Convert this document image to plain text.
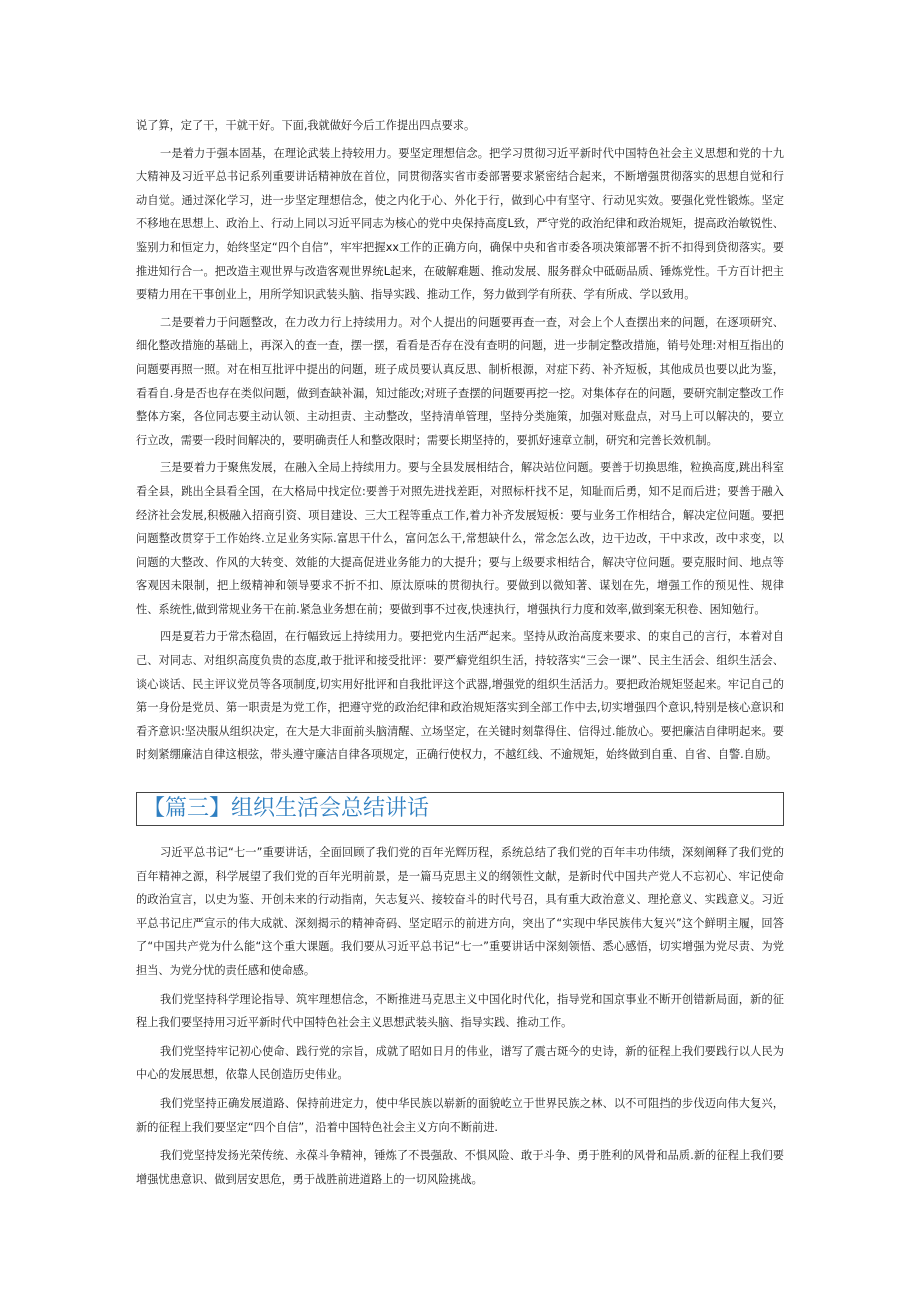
说了算，定了干，干就干好。下面,我就做好今后工作提出四点要求。

一是着力于强本固基，在理论武装上持较用力。要坚定理想信念。把学习贯彻习近平新时代中国特色社会主义思想和党的十九大精神及习近平总书记系列重要讲话精神放在首位，同贯彻落实省市委部署要求紧密结合起来，不断增强贯彻落实的思想自觉和行动自觉。通过深化学习，进一步坚定理想信念，使之内化于心、外化于行，做到心中有坚守、行动见实效。要强化党性锻炼。坚定不移地在思想上、政治上、行动上同以习近平同志为核心的党中央保持高度L致，严守党的政治纪律和政治规矩，提高政治敏锐性、鉴别力和恒定力，始终坚定“四个自信”，牢牢把握xx工作的正确方向，确保中央和省市委各项决策部署不折不扣得到贷彻落实。要推进知行合一。把改造主观世界与改造客观世界统L起来，在破解难题、推动发展、服务群众中砥砺品质、锤炼党性。千方百计把主要精力用在干事创业上，用所学知识武装头脑、指导实践、推动工作，努力做到学有所获、学有所成、学以致用。

二是要着力于问题整改，在力改力行上持续用力。对个人提出的问题要再查一查，对会上个人查摆出来的问题，在逐项研究、细化整改措施的基础上，再深入的查一查，摆一摆，看看是否存在没有查明的问题，进一步制定整改措施，销号处理:对相互指出的问题要再照一照。对在相互批评中提出的问题，班子成员要认真反思、制析根源，对症下药、补齐短板，其他成员也要以此为鉴，看看自.身是否也存在类似问题，做到查缺补漏，知过能改;对班子查摆的问题要再挖一挖。对集体存在的问题，要研究制定整改工作整体方案，各位同志要主动认领、主动担责、主动整改，坚持清单管理，坚持分类施策，加强对账盘点，对马上可以解决的，要立行立改，需要一段时间解决的，要明确责任人和整改限时；需要长期坚持的，要抓好速章立制，研究和完善长效机制。

三是要着力于聚焦发展，在融入全局上持续用力。要与全县发展相结合，解决站位问题。要善于切换思维，粒换高度,跳出科室看全县，跳出全县看全国，在大格局中找定位:要善于对照先进找差距，对照标杆找不足，知耻而后勇，知不足而后进；要善于融入经济社会发展,积极融入招商引资、项目建设、三大工程等重点工作,着力补齐发展短板：要与业务工作相结合，解决定位问题。要把问题整改贯穿于工作始终.立足业务实际.富思干什么，富问怎么干,常想缺什么，常念怎么改，边干边改，干中求改，改中求变，以问题的大整改、作风的大转变、效能的大提高促进业务能力的大提升；要与上级要求相结合，解决守位问题。要克服时间、地点等客观因未限制，把上级精神和领导要求不折不扣、原汰原味的贯彻执行。要做到以微知著、谋划在先，增强工作的预见性、规律性、系统性,做到常规业务干在前.紧急业务想在前；要做到事不过夜,快速执行，增强执行力度和效率,做到案无积卷、困知勉行。

四是夏若力于常杰稳固，在行幅致远上持续用力。要把党内生活严起来。坚持从政治高度来要求、的束自己的言行，本着对自己、对同志、对组织高度负贵的态度,敢于批评和接受批评：要严癖党组织生活，持较落实“三会一课”、民主生活会、组织生活会、谈心谈话、民主评议党员等各项制度,切实用好批评和自我批评这个武器,增强党的组织生活活力。要把政治规矩竖起来。牢记自己的第一身份是党员、第一职责是为党工作，把遵守党的政治纪律和政治规矩落实到全部工作中去,切实增强四个意识,特别是核心意识和看齐意识:坚决服从组织决定，在大是大非面前头脑清醒、立场坚定，在关键时刻靠得住、信得过.能放心。要把廉洁自律明起来。要时刻紧绷廉洁自律这根弦，带头遵守廉洁自律各项规定，正确行使权力，不越红线、不逾规矩，始终做到自重、自省、自警.自励。

【篇三】组织生活会总结讲话

习近平总书记“七一”重要讲话，全面回顾了我们党的百年光辉历程，系统总结了我们党的百年丰功伟绩，深刻阐释了我们党的百年精神之源，科学展望了我们党的百年光明前景，是一篇马克思主义的纲领性文献，是新时代中国共产党人不忘初心、牢记使命的政治宣言，以史为鉴、开创未来的行动指南，矢志复兴、接较奋斗的时代号召，具有重大政治意义、理抡意义、实践意义。习近平总书记庄严宣示的伟大成就、深刻揭示的精神奇码、坚定昭示的前进方向，突出了“实现中华民族伟大复兴”这个鲜明主履，回答了“中国共产党为什么能“这个重大课题。我们要从习近平总书记“七一”重要讲话中深刻领悟、悉心感悟，切实增强为党尽责、为党担当、为党分忧的责任感和使命感。

我们党坚持科学理论指导、筑牢理想信念，不断推进马克思主义中国化时代化，指导党和国京事业不断开创错新局面，新的征程上我们要坚持用习近平新时代中国特色社会主义思想武装头脑、指导实践、推动工作。

我们党坚持牢记初心使命、践行党的宗旨，成就了昭如日月的伟业，谱写了震古斑今的史诗，新的征程上我们要践行以人民为中心的发展思想，依靠人民创造历史伟业。

我们党坚持正确发展道路、保持前进定力，使中华民族以崭新的面貌屹立于世界民族之林、以不可阻挡的步伐迈向伟大复兴，新的征程上我们要坚定“四个自信”，沿着中国特色社会主义方向不断前进.

我们党坚持发扬光荣传统、永葆斗争精神，锤炼了不畏强敌、不惧风险、敢于斗争、勇于胜利的风骨和品质.新的征程上我们要增强忧患意识、做到居安思危，勇于战胜前进道路上的一切风险挑战。
